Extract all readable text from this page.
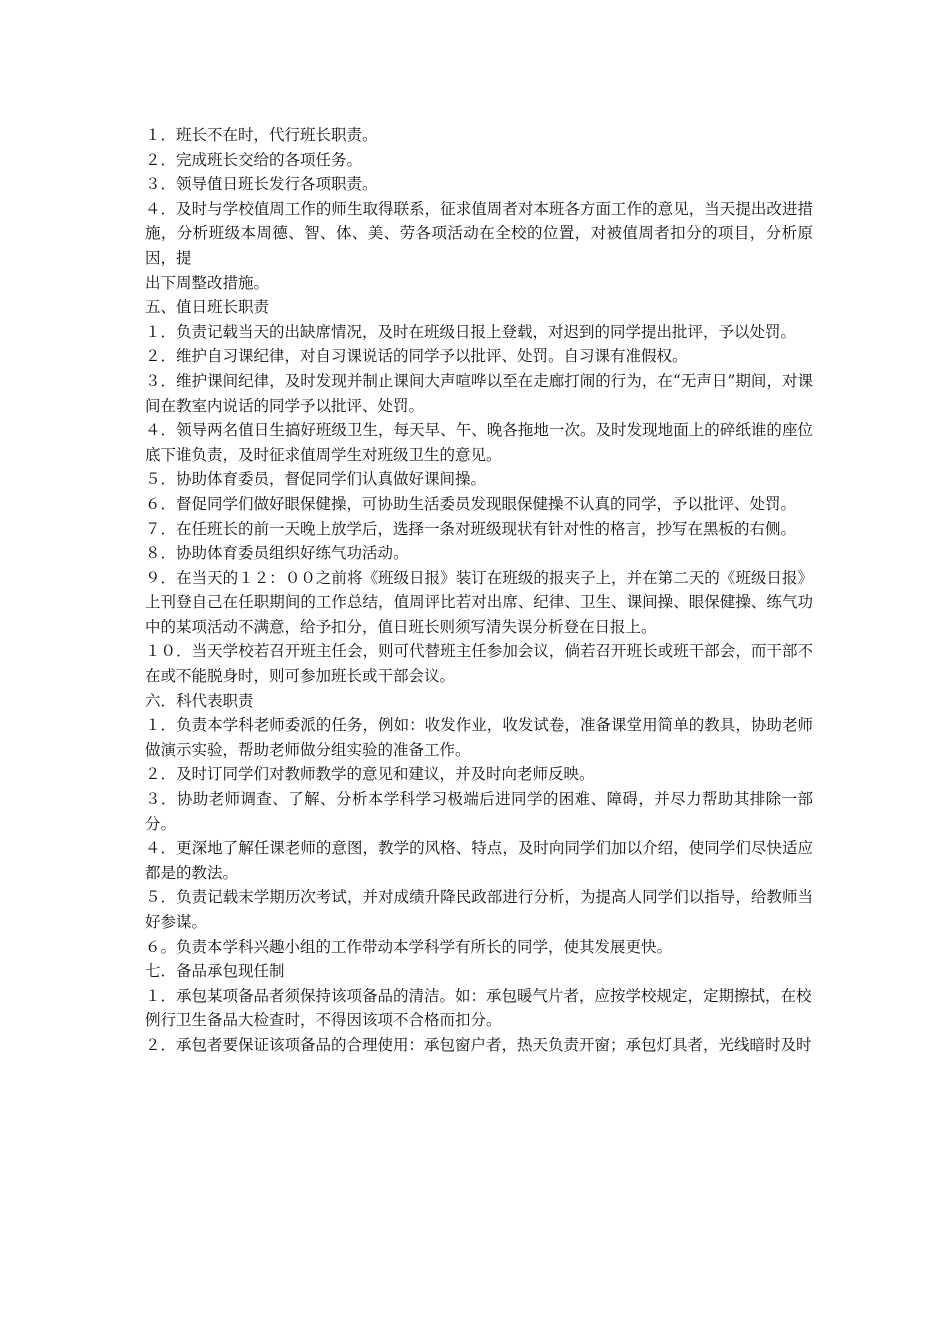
１．班长不在时，代行班长职责。

２．完成班长交给的各项任务。

３．领导值日班长发行各项职责。

４．及时与学校值周工作的师生取得联系，征求值周者对本班各方面工作的意见，当天提出改进措施，分析班级本周德、智、体、美、劳各项活动在全校的位置，对被值周者扣分的项目，分析原因，提

出下周整改措施。

五、值日班长职责

１．负责记载当天的出缺席情况，及时在班级日报上登载，对迟到的同学提出批评，予以处罚。

２．维护自习课纪律，对自习课说话的同学予以批评、处罚。自习课有准假权。

３．维护课间纪律，及时发现并制止课间大声喧哗以至在走廊打闹的行为，在“无声日”期间，对课间在教室内说话的同学予以批评、处罚。

４．领导两名值日生搞好班级卫生，每天早、午、晚各拖地一次。及时发现地面上的碎纸谁的座位底下谁负责，及时征求值周学生对班级卫生的意见。

５．协助体育委员，督促同学们认真做好课间操。

６．督促同学们做好眼保健操，可协助生活委员发现眼保健操不认真的同学，予以批评、处罚。

７．在任班长的前一天晚上放学后，选择一条对班级现状有针对性的格言，抄写在黑板的右侧。

８．协助体育委员组织好练气功活动。

９．在当天的１２：００之前将《班级日报》装订在班级的报夹子上，并在第二天的《班级日报》上刊登自己在任职期间的工作总结，值周评比若对出席、纪律、卫生、课间操、眼保健操、练气功中的某项活动不满意，给予扣分，值日班长则须写清失误分析登在日报上。

１０．当天学校若召开班主任会，则可代替班主任参加会议，倘若召开班长或班干部会，而干部不在或不能脱身时，则可参加班长或干部会议。

六．科代表职责

１．负责本学科老师委派的任务，例如：收发作业，收发试卷，准备课堂用简单的教具，协助老师做演示实验，帮助老师做分组实验的准备工作。

２．及时订同学们对教师教学的意见和建议，并及时向老师反映。

３．协助老师调查、了解、分析本学科学习极端后进同学的困难、障碍，并尽力帮助其排除一部分。

４．更深地了解任课老师的意图，教学的风格、特点，及时向同学们加以介绍，使同学们尽快适应都是的教法。

５．负责记载末学期历次考试，并对成绩升降民政部进行分析，为提高人同学们以指导，给教师当好参谋。

６。负责本学科兴趣小组的工作带动本学科学有所长的同学，使其发展更快。

七．备品承包现任制

１．承包某项备品者须保持该项备品的清洁。如：承包暖气片者，应按学校规定，定期擦拭，在校

例行卫生备品大检查时，不得因该项不合格而扣分。

２．承包者要保证该项备品的合理使用：承包窗户者，热天负责开窗；承包灯具者，光线暗时及时
